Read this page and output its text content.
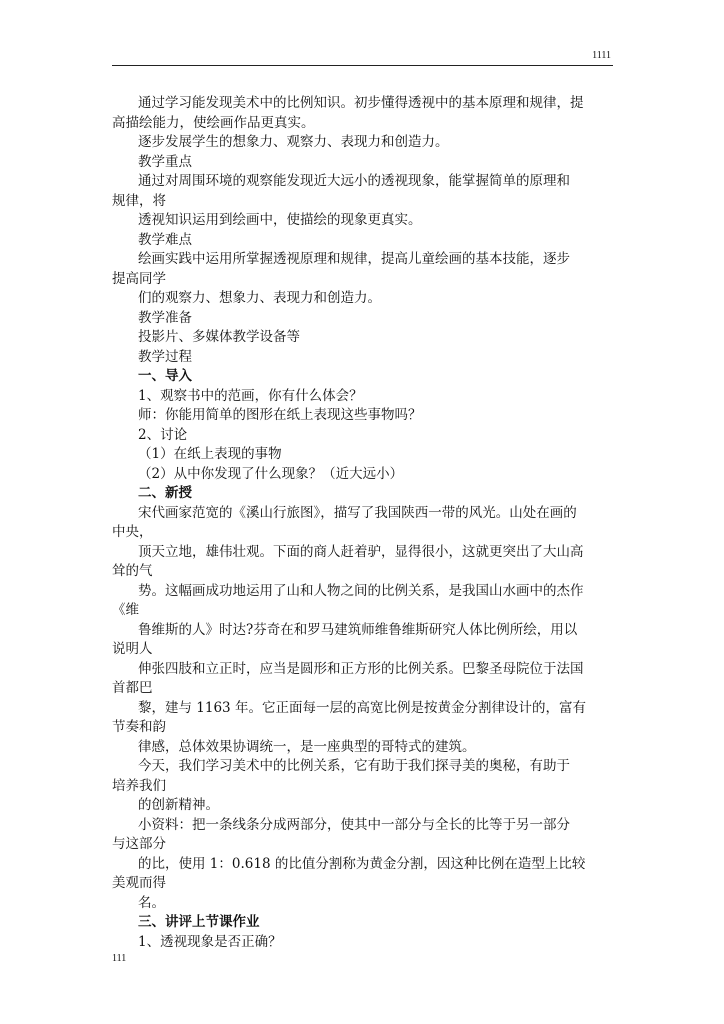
1111
通过学习能发现美术中的比例知识。初步懂得透视中的基本原理和规律，提
高描绘能力，使绘画作品更真实。
逐步发展学生的想象力、观察力、表现力和创造力。
教学重点
通过对周围环境的观察能发现近大远小的透视现象，能掌握简单的原理和
规律，将
透视知识运用到绘画中，使描绘的现象更真实。
教学难点
绘画实践中运用所掌握透视原理和规律，提高儿童绘画的基本技能，逐步
提高同学
们的观察力、想象力、表现力和创造力。
教学准备
投影片、多媒体教学设备等
教学过程
一、导入
1、观察书中的范画，你有什么体会？
师：你能用简单的图形在纸上表现这些事物吗？
2、讨论
（1）在纸上表现的事物
（2）从中你发现了什么现象？（近大远小）
二、新授
宋代画家范宽的《溪山行旅图》，描写了我国陕西一带的风光。山处在画的
中央，
顶天立地，雄伟壮观。下面的商人赶着驴，显得很小，这就更突出了大山高
耸的气
势。这幅画成功地运用了山和人物之间的比例关系，是我国山水画中的杰作
《维
鲁维斯的人》时达?芬奇在和罗马建筑师维鲁维斯研究人体比例所绘，用以
说明人
伸张四肢和立正时，应当是圆形和正方形的比例关系。巴黎圣母院位于法国
首都巴
黎，建与 1163 年。它正面每一层的高宽比例是按黄金分割律设计的，富有
节奏和韵
律感，总体效果协调统一，是一座典型的哥特式的建筑。
今天，我们学习美术中的比例关系，它有助于我们探寻美的奥秘，有助于
培养我们
的创新精神。
小资料：把一条线条分成两部分，使其中一部分与全长的比等于另一部分
与这部分
的比，使用 1：0.618 的比值分割称为黄金分割，因这种比例在造型上比较
美观而得
名。
三、讲评上节课作业
1、透视现象是否正确？
111
